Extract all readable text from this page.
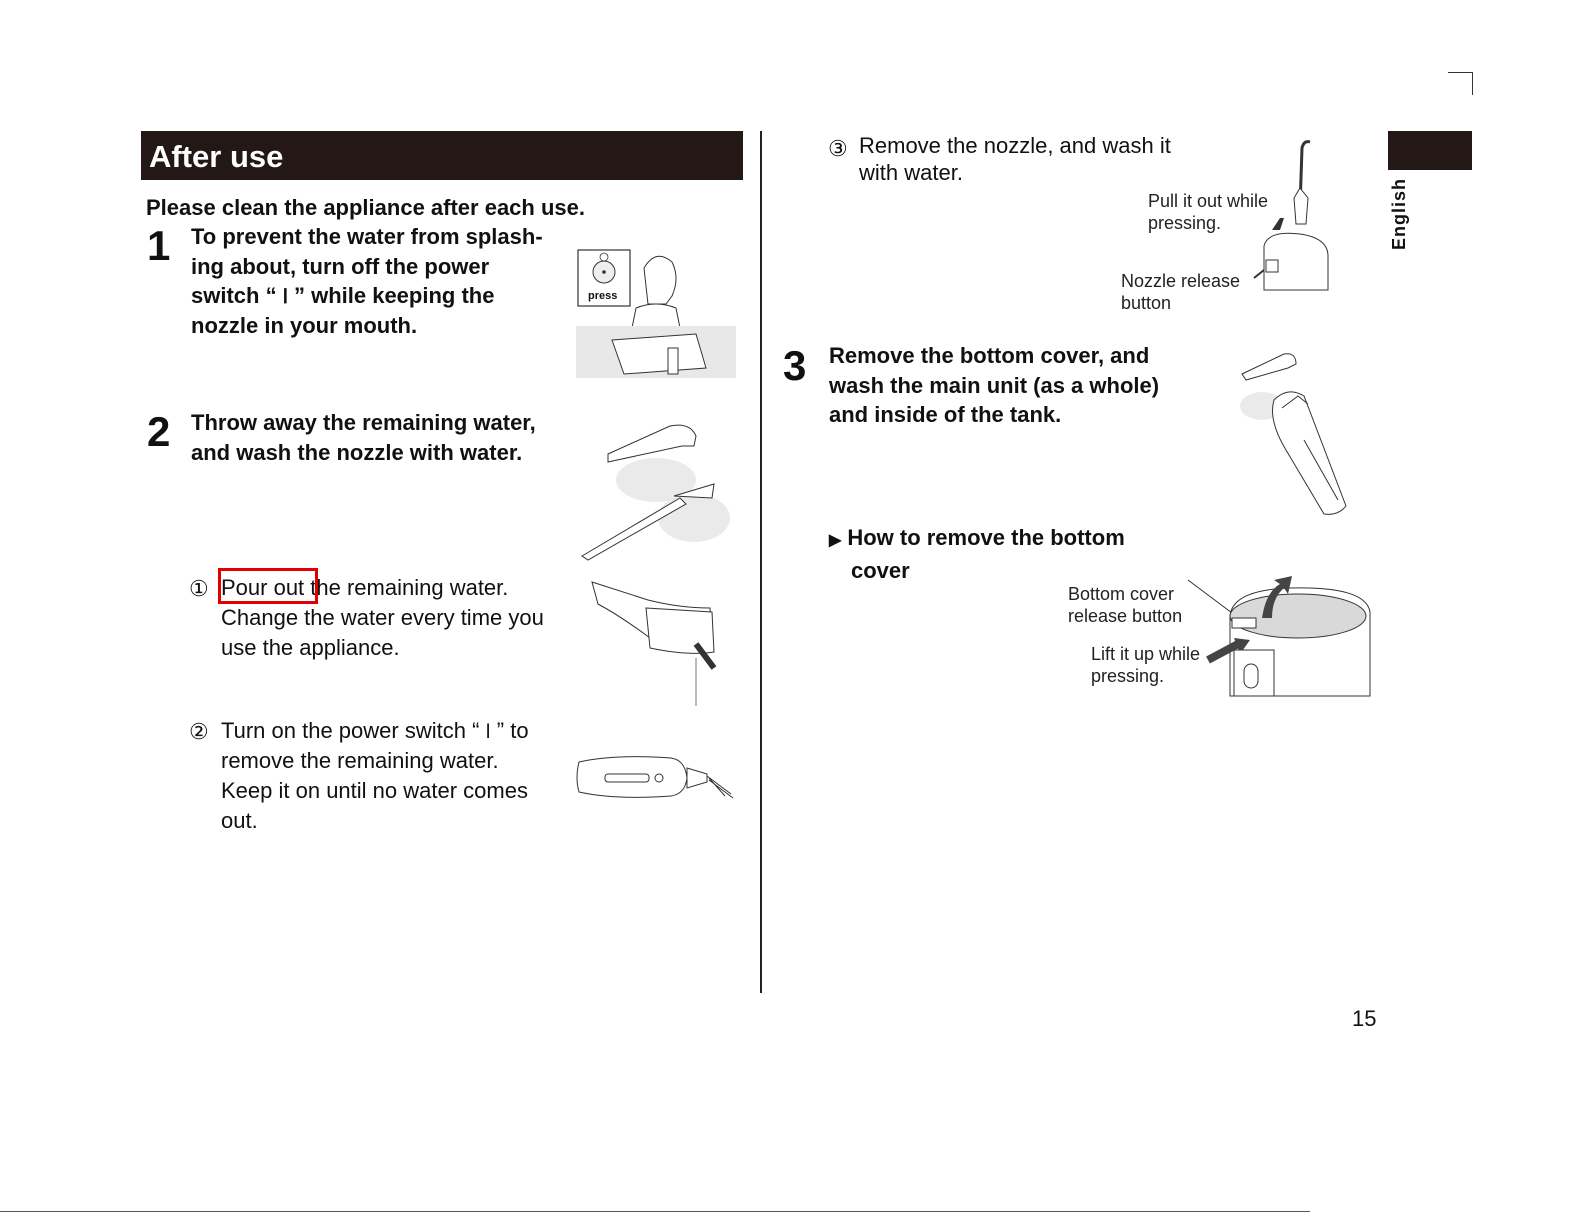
After use
Please clean the appliance after each use.
1 To prevent the water from splash-
ing about, turn off the power
switch “⏽” while keeping the
nozzle in your mouth.
press
2 Throw away the remaining water,
and wash the nozzle with water.
① Pour out the remaining water.
Change the water every time you
use the appliance.
② Turn on the power switch “⏽” to
remove the remaining water.
Keep it on until no water comes
out.
③ Remove the nozzle, and wash it
with water.
Pull it out while
pressing.
Nozzle release
button
3 Remove the bottom cover, and
wash the main unit (as a whole)
and inside of the tank.
▶ How to remove the bottom
cover
Bottom cover
release button
Lift it up while
pressing.
English
15
